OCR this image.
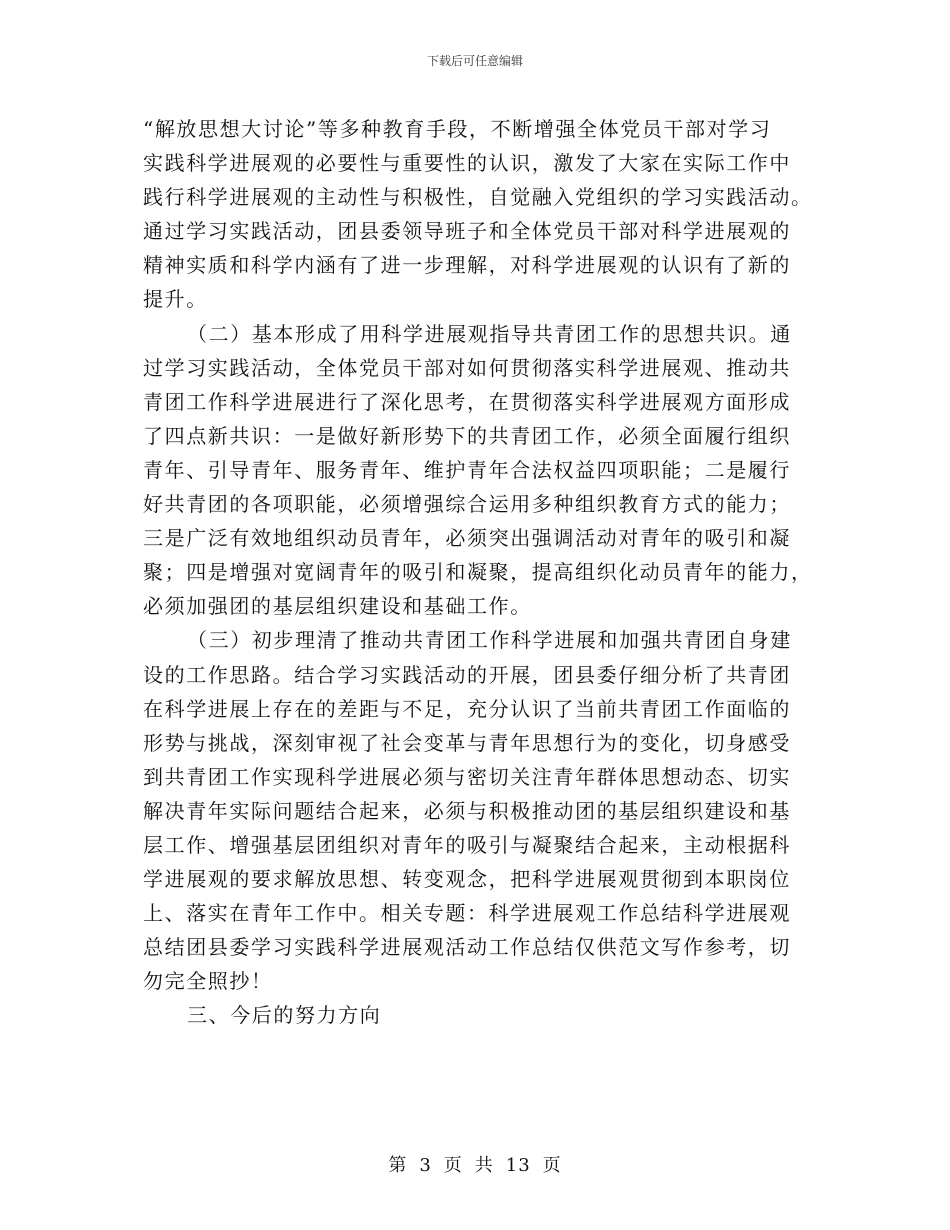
下载后可任意编辑
“解放思想大讨论”等多种教育手段，不断增强全体党员干部对学习
实践科学进展观的必要性与重要性的认识，激发了大家在实际工作中
践行科学进展观的主动性与积极性，自觉融入党组织的学习实践活动。
通过学习实践活动，团县委领导班子和全体党员干部对科学进展观的
精神实质和科学内涵有了进一步理解，对科学进展观的认识有了新的
提升。
（二）基本形成了用科学进展观指导共青团工作的思想共识。通
过学习实践活动，全体党员干部对如何贯彻落实科学进展观、推动共
青团工作科学进展进行了深化思考，在贯彻落实科学进展观方面形成
了四点新共识：一是做好新形势下的共青团工作，必须全面履行组织
青年、引导青年、服务青年、维护青年合法权益四项职能；二是履行
好共青团的各项职能，必须增强综合运用多种组织教育方式的能力；
三是广泛有效地组织动员青年，必须突出强调活动对青年的吸引和凝
聚；四是增强对宽阔青年的吸引和凝聚，提高组织化动员青年的能力，
必须加强团的基层组织建设和基础工作。
（三）初步理清了推动共青团工作科学进展和加强共青团自身建
设的工作思路。结合学习实践活动的开展，团县委仔细分析了共青团
在科学进展上存在的差距与不足，充分认识了当前共青团工作面临的
形势与挑战，深刻审视了社会变革与青年思想行为的变化，切身感受
到共青团工作实现科学进展必须与密切关注青年群体思想动态、切实
解决青年实际问题结合起来，必须与积极推动团的基层组织建设和基
层工作、增强基层团组织对青年的吸引与凝聚结合起来，主动根据科
学进展观的要求解放思想、转变观念，把科学进展观贯彻到本职岗位
上、落实在青年工作中。相关专题：科学进展观工作总结科学进展观
总结团县委学习实践科学进展观活动工作总结仅供范文写作参考，切
勿完全照抄！
三、今后的努力方向
第 3 页 共 13 页
